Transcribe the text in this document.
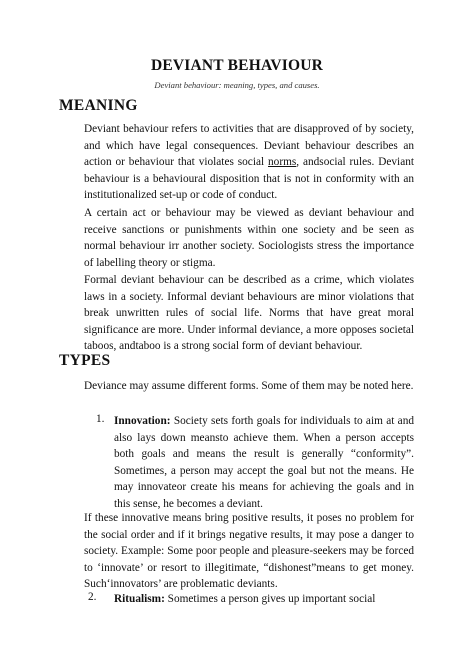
DEVIANT BEHAVIOUR
Deviant behaviour: meaning, types, and causes.
MEANING

Deviant behaviour refers to activities that are disapproved of by society, and which have legal consequences. Deviant behaviour describes an action or behaviour that violates social norms, andsocial rules. Deviant behaviour is a behavioural disposition that is not in conformity with an institutionalized set-up or code of conduct.

A certain act or behaviour may be viewed as deviant behaviour and receive sanctions or punishments within one society and be seen as normal behaviour irr another society. Sociologists stress the importance of labelling theory or stigma.

Formal deviant behaviour can be described as a crime, which violates laws in a society. Informal deviant behaviours are minor violations that break unwritten rules of social life. Norms that have great moral significance are more. Under informal deviance, a more opposes societal taboos, andtaboo is a strong social form of deviant behaviour.

TYPES

Deviance may assume different forms. Some of them may be noted here.

1. Innovation: Society sets forth goals for individuals to aim at and also lays down meansto achieve them. When a person accepts both goals and means the result is generally “conformity”. Sometimes, a person may accept the goal but not the means. He may innovateor create his means for achieving the goals and in this sense, he becomes a deviant.

If these innovative means bring positive results, it poses no problem for the social order and if it brings negative results, it may pose a danger to society. Example: Some poor people and pleasure-seekers may be forced to ‘innovate’ or resort to illegitimate, “dishonest”means to get money. Such‘innovators’ are problematic deviants.

2. Ritualism: Sometimes a person gives up important social
